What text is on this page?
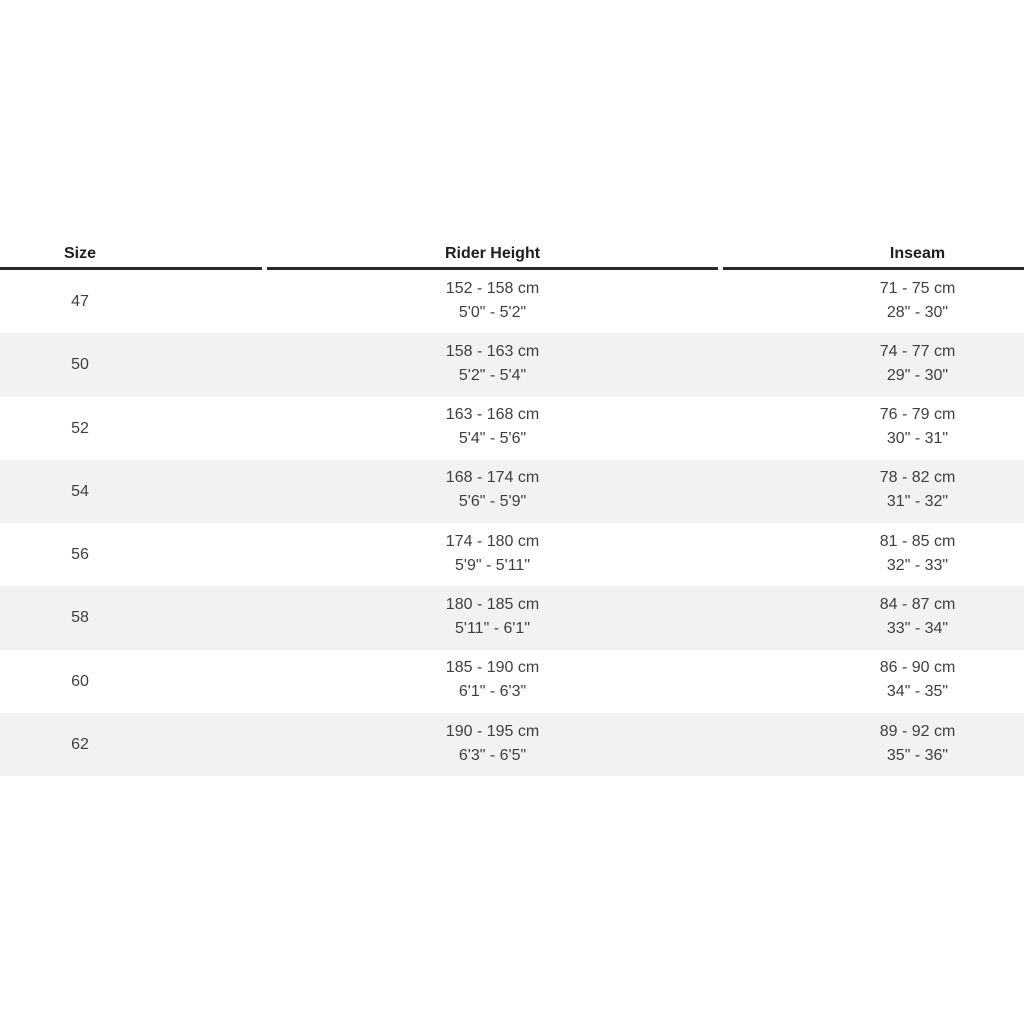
Size	Rider Height	Inseam
47
152 - 158 cm
5'0" - 5'2"
71 - 75 cm
28" - 30"
50
158 - 163 cm
5'2" - 5'4"
74 - 77 cm
29" - 30"
52
163 - 168 cm
5'4" - 5'6"
76 - 79 cm
30" - 31"
54
168 - 174 cm
5'6" - 5'9"
78 - 82 cm
31" - 32"
56
174 - 180 cm
5'9" - 5'11"
81 - 85 cm
32" - 33"
58
180 - 185 cm
5'11" - 6'1"
84 - 87 cm
33" - 34"
60
185 - 190 cm
6'1" - 6'3"
86 - 90 cm
34" - 35"
62
190 - 195 cm
6'3" - 6'5"
89 - 92 cm
35" - 36"
